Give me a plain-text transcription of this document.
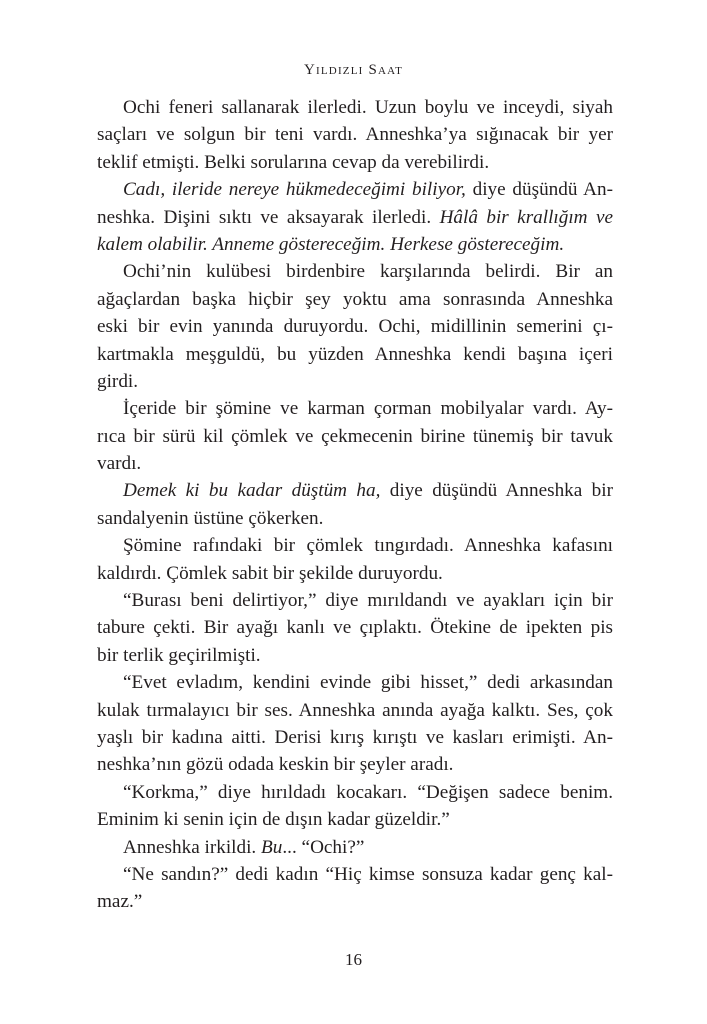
Yıldızlı Saat
Ochi feneri sallanarak ilerledi. Uzun boylu ve inceydi, siyah
saçları ve solgun bir teni vardı. Anneshka’ya sığınacak bir yer
teklif etmişti. Belki sorularına cevap da verebilirdi.
Cadı, ileride nereye hükmedeceğimi biliyor, diye düşündü An-
neshka. Dişini sıktı ve aksayarak ilerledi. Hâlâ bir krallığım ve
kalem olabilir. Anneme göstereceğim. Herkese göstereceğim.
Ochi’nin kulübesi birdenbire karşılarında belirdi. Bir an
ağaçlardan başka hiçbir şey yoktu ama sonrasında Anneshka
eski bir evin yanında duruyordu. Ochi, midillinin semerini çı-
kartmakla meşguldü, bu yüzden Anneshka kendi başına içeri
girdi.
İçeride bir şömine ve karman çorman mobilyalar vardı. Ay-
rıca bir sürü kil çömlek ve çekmecenin birine tünemiş bir tavuk
vardı.
Demek ki bu kadar düştüm ha, diye düşündü Anneshka bir
sandalyenin üstüne çökerken.
Şömine rafındaki bir çömlek tıngırdadı. Anneshka kafasını
kaldırdı. Çömlek sabit bir şekilde duruyordu.
“Burası beni delirtiyor,” diye mırıldandı ve ayakları için bir
tabure çekti. Bir ayağı kanlı ve çıplaktı. Ötekine de ipekten pis
bir terlik geçirilmişti.
“Evet evladım, kendini evinde gibi hisset,” dedi arkasından
kulak tırmalayıcı bir ses. Anneshka anında ayağa kalktı. Ses, çok
yaşlı bir kadına aitti. Derisi kırış kırıştı ve kasları erimişti. An-
neshka’nın gözü odada keskin bir şeyler aradı.
“Korkma,” diye hırıldadı kocakarı. “Değişen sadece benim.
Eminim ki senin için de dışın kadar güzeldir.”
Anneshka irkildi. Bu... “Ochi?”
“Ne sandın?” dedi kadın “Hiç kimse sonsuza kadar genç kal-
maz.”
16
